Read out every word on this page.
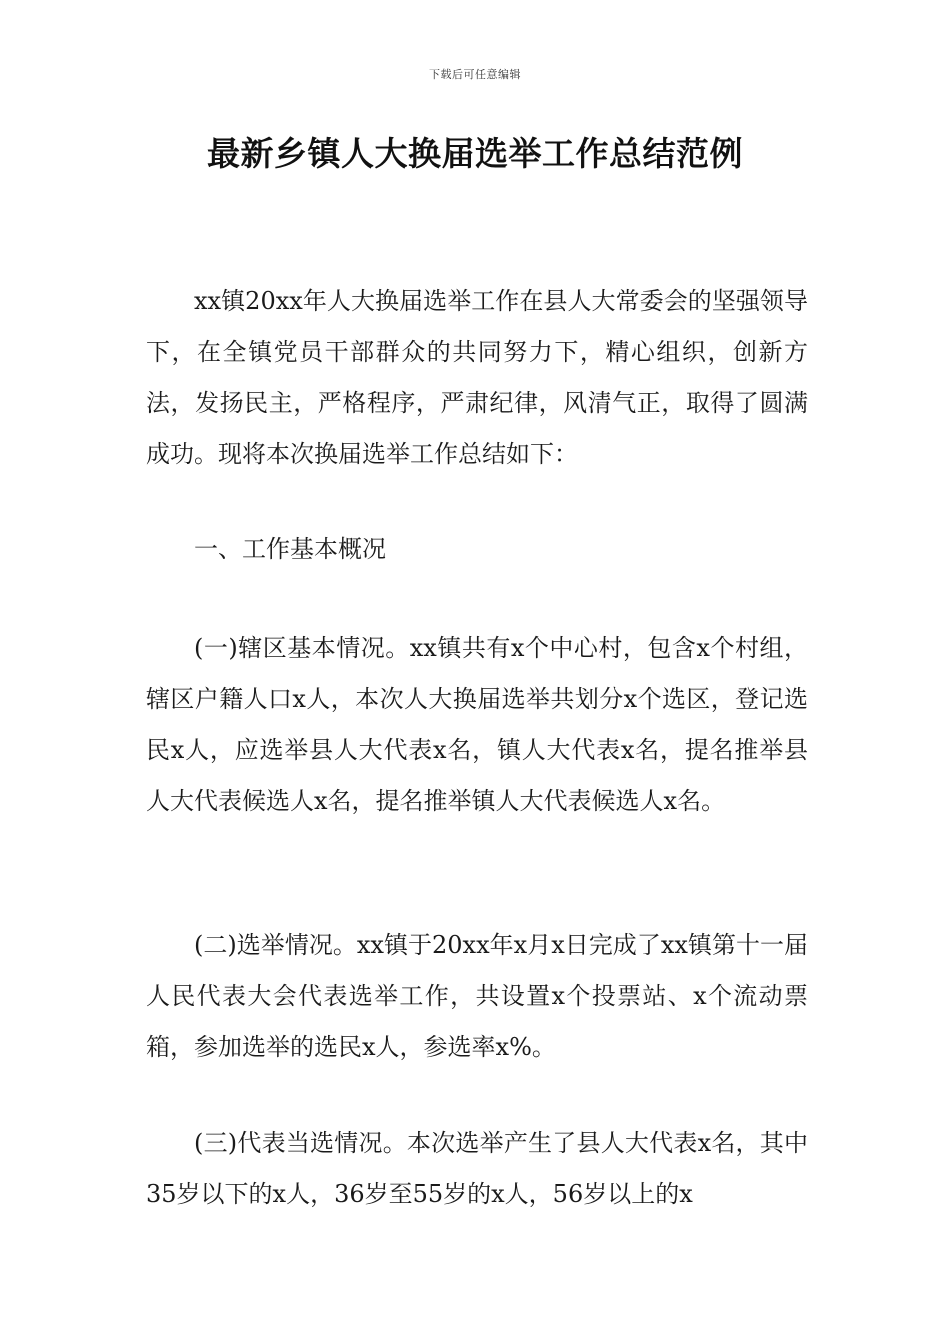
下载后可任意编辑
最新乡镇人大换届选举工作总结范例

xx镇20xx年人大换届选举工作在县人大常委会的坚强领导下，在全镇党员干部群众的共同努力下，精心组织，创新方法，发扬民主，严格程序，严肃纪律，风清气正，取得了圆满成功。现将本次换届选举工作总结如下：

一、工作基本概况

(一)辖区基本情况。xx镇共有x个中心村，包含x个村组，辖区户籍人口x人，本次人大换届选举共划分x个选区，登记选民x人，应选举县人大代表x名，镇人大代表x名，提名推举县人大代表候选人x名，提名推举镇人大代表候选人x名。

(二)选举情况。xx镇于20xx年x月x日完成了xx镇第十一届人民代表大会代表选举工作，共设置x个投票站、x个流动票箱，参加选举的选民x人，参选率x%。

(三)代表当选情况。本次选举产生了县人大代表x名，其中35岁以下的x人，36岁至55岁的x人，56岁以上的x
